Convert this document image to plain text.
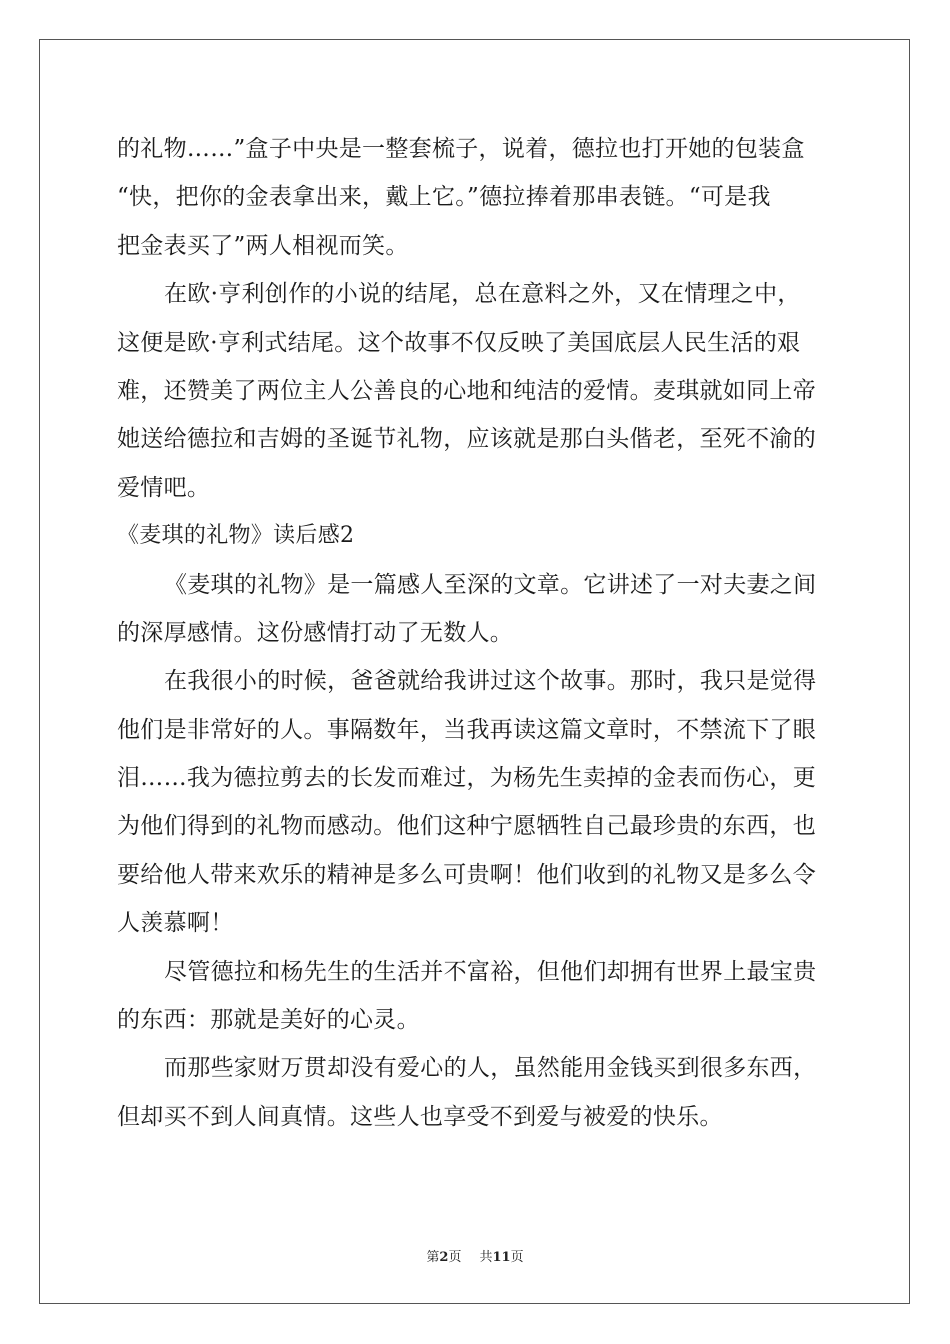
的礼物……”盒子中央是一整套梳子，说着，德拉也打开她的包装盒
“快，把你的金表拿出来，戴上它。”德拉捧着那串表链。“可是我
把金表买了”两人相视而笑。
在欧·亨利创作的小说的结尾，总在意料之外，又在情理之中，
这便是欧·亨利式结尾。这个故事不仅反映了美国底层人民生活的艰
难，还赞美了两位主人公善良的心地和纯洁的爱情。麦琪就如同上帝
她送给德拉和吉姆的圣诞节礼物，应该就是那白头偕老，至死不渝的
爱情吧。
《麦琪的礼物》读后感2
《麦琪的礼物》是一篇感人至深的文章。它讲述了一对夫妻之间
的深厚感情。这份感情打动了无数人。
在我很小的时候，爸爸就给我讲过这个故事。那时，我只是觉得
他们是非常好的人。事隔数年，当我再读这篇文章时，不禁流下了眼
泪……我为德拉剪去的长发而难过，为杨先生卖掉的金表而伤心，更
为他们得到的礼物而感动。他们这种宁愿牺牲自己最珍贵的东西，也
要给他人带来欢乐的精神是多么可贵啊！他们收到的礼物又是多么令
人羡慕啊！
尽管德拉和杨先生的生活并不富裕，但他们却拥有世界上最宝贵
的东西：那就是美好的心灵。
而那些家财万贯却没有爱心的人，虽然能用金钱买到很多东西，
但却买不到人间真情。这些人也享受不到爱与被爱的快乐。
第2页 共11页
